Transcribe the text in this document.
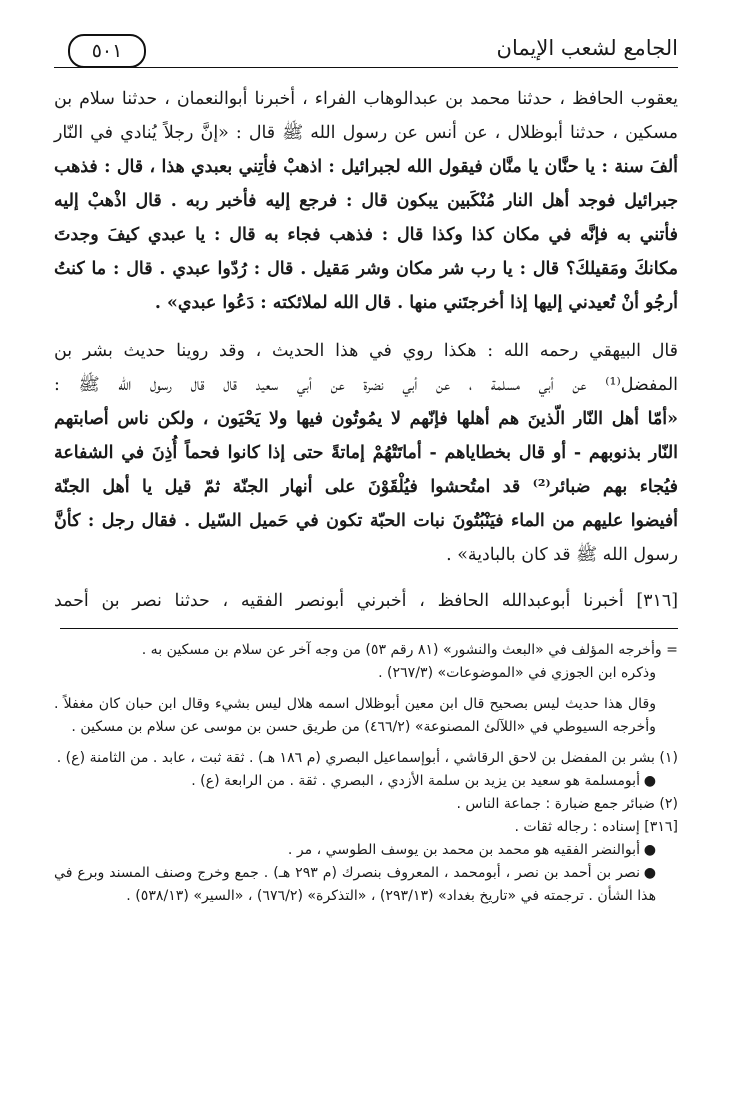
الجامع لشعب الإيمان
٥٠١
يعقوب الحافظ ، حدثنا محمد بن عبدالوهاب الفراء ، أخبرنا أبوالنعمان ، حدثنا سلام بن
مسكين ، حدثنا أبوظلال ، عن أنس عن رسول الله ﷺ قال : «إنَّ رجلاً يُنادي في النّار
ألفَ سنة : يا حنَّان يا منَّان فيقول الله لجبرائيل : اذهبْ فأتِني بعبدي هذا ، قال : فذهب
جبرائيل فوجد أهل النار مُنْكَبين يبكون قال : فرجع إليه فأخبر ربه . قال اذْهبْ إليه
فأتني به فإنَّه في مكان كذا وكذا قال : فذهب فجاء به قال : يا عبدي كيفَ وجدتَ
مكانكَ ومَقيلكَ؟ قال : يا رب شر مكان وشر مَقيل . قال : رُدّوا عبدي . قال : ما كنتُ
أرجُو أنْ تُعيدني إليها إذا أخرجتَني منها . قال الله لملائكته : دَعُوا عبدي» .
قال البيهقي رحمه الله : هكذا روي في هذا الحديث ، وقد روينا حديث بشر بن
المفضل⁽¹⁾ عن أبي مسلمة ، عن أبي نضرة عن أبي سعيد قال قال رسول الله ﷺ :
«أمّا أهل النّار الّذينَ هم أهلها فإنّهم لا يمُوتُون فيها ولا يَحْيَون ، ولكن ناس أصابتهم
النّار بذنوبهم - أو قال بخطاياهم - أماتَتْهُمْ إماتةً حتى إذا كانوا فحماً أُذِنَ في الشفاعة
فيُجاء بهم ضبائر⁽²⁾ قد امتُحشوا فيُلْقَوْنَ على أنهار الجنّة ثمّ قيل يا أهل الجنّة
أفيضوا عليهم من الماء فيَنْبُتُونَ نبات الحبّة تكون في حَميل السّيل . فقال رجل : كأنَّ
رسول الله ﷺ قد كان بالبادية» .
[٣١٦] أخبرنا أبوعبدالله الحافظ ، أخبرني أبونصر الفقيه ، حدثنا نصر بن أحمد
= وأخرجه المؤلف في «البعث والنشور» (٨١ رقم ٥٣) من وجه آخر عن سلام بن مسكين به .
وذكره ابن الجوزي في «الموضوعات» (٢٦٧/٣) .
وقال هذا حديث ليس بصحيح قال ابن معين أبوظلال اسمه هلال ليس بشيء وقال ابن حبان كان مغفلاً . وأخرجه السيوطي في «اللآلئ المصنوعة» (٤٦٦/٢) من طريق حسن بن موسى عن سلام بن مسكين .
(١) بشر بن المفضل بن لاحق الرقاشي ، أبوإسماعيل البصري (م ١٨٦ هـ) . ثقة ثبت ، عابد . من الثامنة (ع) .
●أبومسلمة هو سعيد بن يزيد بن سلمة الأزدي ، البصري . ثقة . من الرابعة (ع) .
(٢) ضبائر جمع ضبارة : جماعة الناس .
[٣١٦] إسناده : رجاله ثقات .
●أبوالنضر الفقيه هو محمد بن محمد بن يوسف الطوسي ، مر .
●نصر بن أحمد بن نصر ، أبومحمد ، المعروف بنصرك (م ٢٩٣ هـ) . جمع وخرج وصنف المسند وبرع في هذا الشأن . ترجمته في «تاريخ بغداد» (٢٩٣/١٣) ، «التذكرة» (٦٧٦/٢) ، «السير» (٥٣٨/١٣) .
